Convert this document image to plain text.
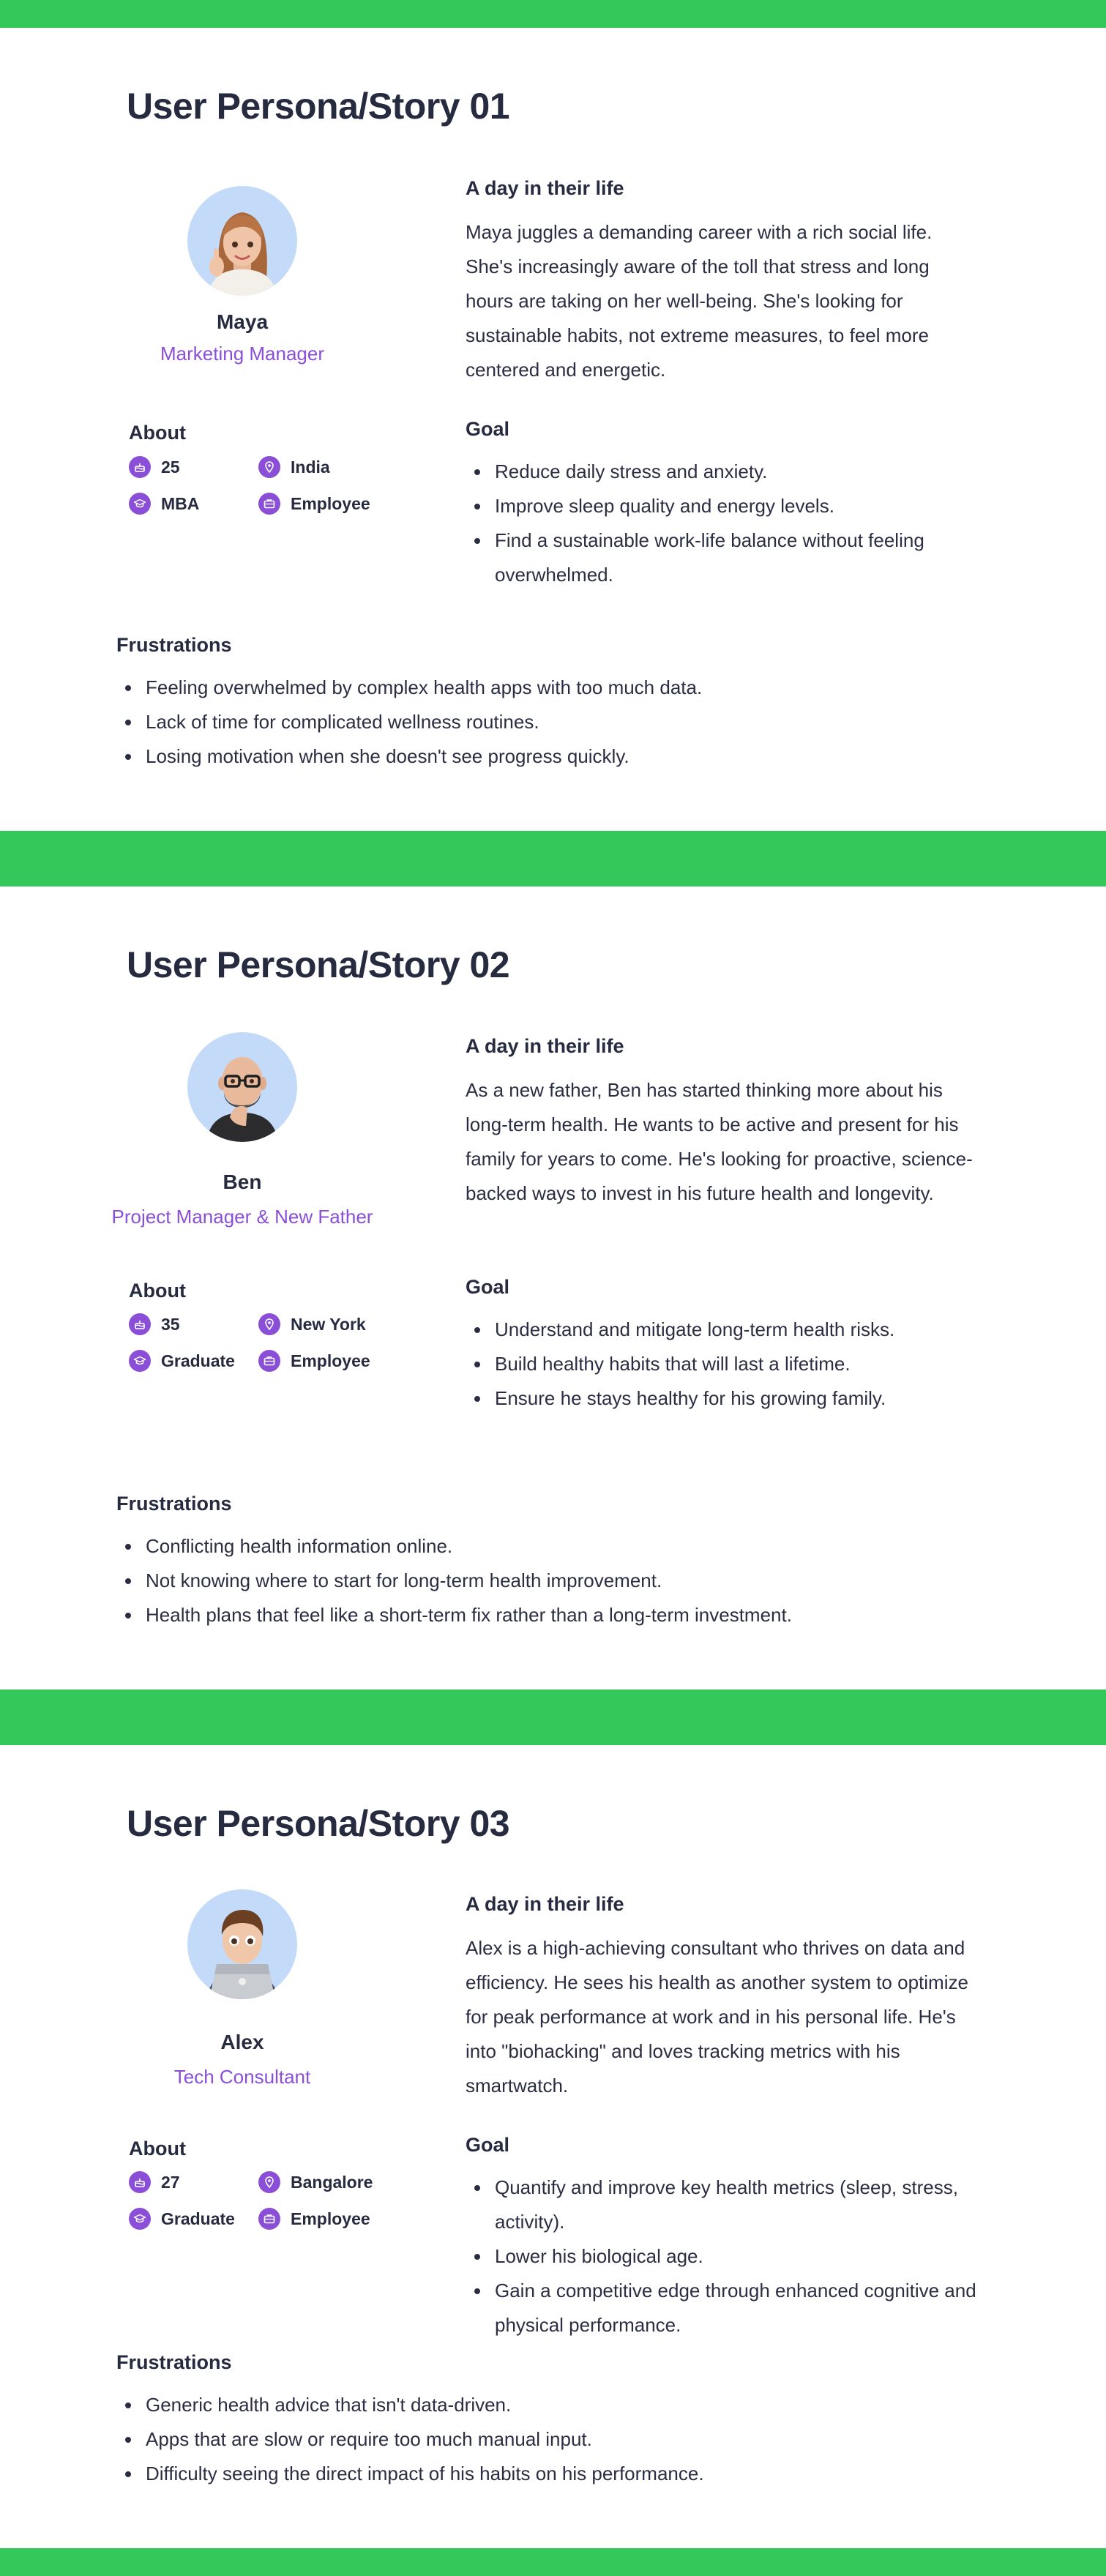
User Persona/Story 01
Maya
Marketing Manager
About
25	India
MBA	Employee
A day in their life

Maya juggles a demanding career with a rich social life. She's increasingly aware of the toll that stress and long hours are taking on her well-being. She's looking for sustainable habits, not extreme measures, to feel more centered and energetic.

Goal
Reduce daily stress and anxiety.
Improve sleep quality and energy levels.
Find a sustainable work-life balance without feeling overwhelmed.
Frustrations
Feeling overwhelmed by complex health apps with too much data.
Lack of time for complicated wellness routines.
Losing motivation when she doesn't see progress quickly.
User Persona/Story 02
Ben
Project Manager & New Father
About
35	New York
Graduate	Employee
A day in their life

As a new father, Ben has started thinking more about his long-term health. He wants to be active and present for his family for years to come. He's looking for proactive, science-backed ways to invest in his future health and longevity.

Goal
Understand and mitigate long-term health risks.
Build healthy habits that will last a lifetime.
Ensure he stays healthy for his growing family.
Frustrations
Conflicting health information online.
Not knowing where to start for long-term health improvement.
Health plans that feel like a short-term fix rather than a long-term investment.
User Persona/Story 03
Alex
Tech Consultant
About
27	Bangalore
Graduate	Employee
A day in their life

Alex is a high-achieving consultant who thrives on data and efficiency. He sees his health as another system to optimize for peak performance at work and in his personal life. He's into "biohacking" and loves tracking metrics with his smartwatch.

Goal
Quantify and improve key health metrics (sleep, stress, activity).
Lower his biological age.
Gain a competitive edge through enhanced cognitive and physical performance.
Frustrations
Generic health advice that isn't data-driven.
Apps that are slow or require too much manual input.
Difficulty seeing the direct impact of his habits on his performance.
